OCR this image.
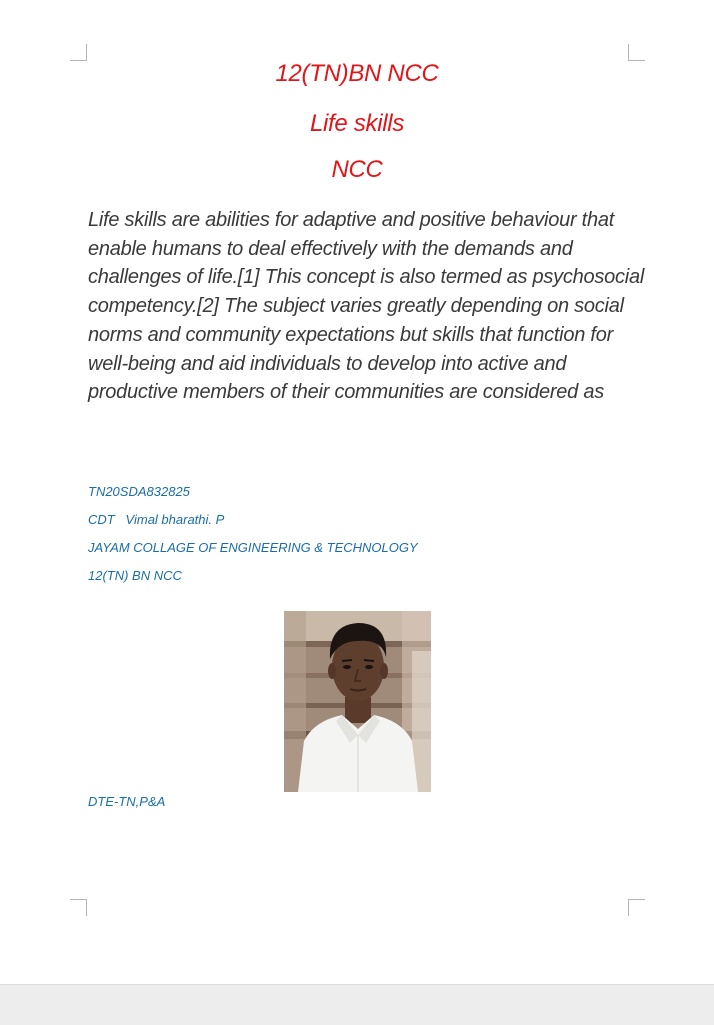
12(TN)BN NCC

Life skills

NCC

Life skills are abilities for adaptive and positive behaviour that enable humans to deal effectively with the demands and challenges of life.[1] This concept is also termed as psychosocial competency.[2] The subject varies greatly depending on social norms and community expectations but skills that function for well-being and aid individuals to develop into active and productive members of their communities are considered as

TN20SDA832825

CDT   Vimal bharathi. P

JAYAM COLLAGE OF ENGINEERING & TECHNOLOGY

12(TN) BN NCC

DTE-TN,P&A
